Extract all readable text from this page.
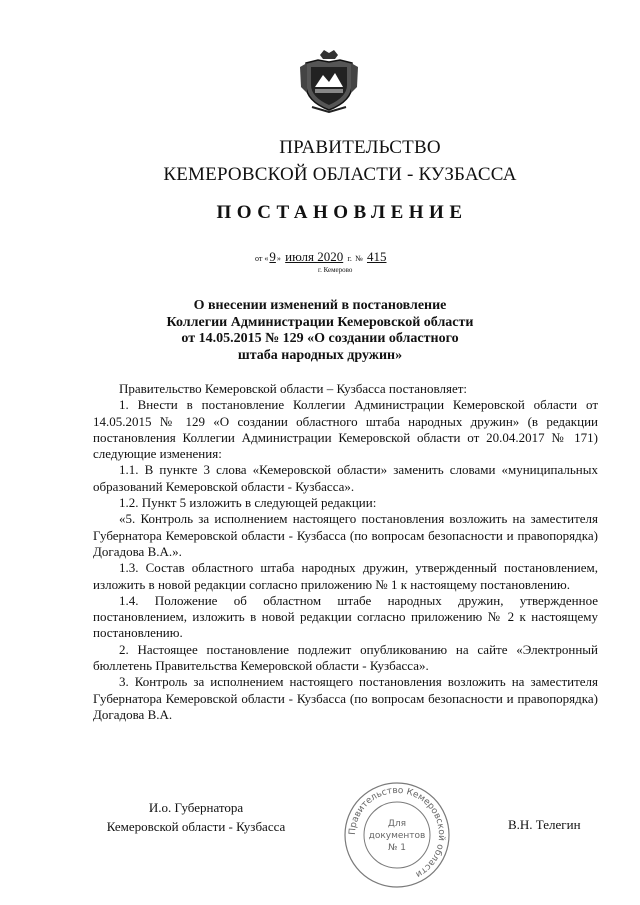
ПРАВИТЕЛЬСТВО
КЕМЕРОВСКОЙ ОБЛАСТИ - КУЗБАССА
ПОСТАНОВЛЕНИЕ
от «9» июля 2020 г. № 415
г. Кемерово
О внесении изменений в постановление
Коллегии Администрации Кемеровской области
от 14.05.2015 № 129 «О создании областного
штаба народных дружин»
Правительство Кемеровской области – Кузбасса постановляет:
1. Внести в постановление Коллегии Администрации Кемеровской области от 14.05.2015 № 129 «О создании областного штаба народных дружин» (в редакции постановления Коллегии Администрации Кемеровской области от 20.04.2017 № 171) следующие изменения:
1.1. В пункте 3 слова «Кемеровской области» заменить словами «муниципальных образований Кемеровской области - Кузбасса».
1.2. Пункт 5 изложить в следующей редакции:
«5. Контроль за исполнением настоящего постановления возложить на заместителя Губернатора Кемеровской области - Кузбасса (по вопросам безопасности и правопорядка) Догадова В.А.».
1.3. Состав областного штаба народных дружин, утвержденный постановлением, изложить в новой редакции согласно приложению № 1 к настоящему постановлению.
1.4. Положение об областном штабе народных дружин, утвержденное постановлением, изложить в новой редакции согласно приложению № 2 к настоящему постановлению.
2. Настоящее постановление подлежит опубликованию на сайте «Электронный бюллетень Правительства Кемеровской области - Кузбасса».
3. Контроль за исполнением настоящего постановления возложить на заместителя Губернатора Кемеровской области - Кузбасса (по вопросам безопасности и правопорядка) Догадова В.А.
И.о. Губернатора
Кемеровской области - Кузбасса	В.Н. Телегин
Правительство Кемеровской области
Для
документов
№ 1
